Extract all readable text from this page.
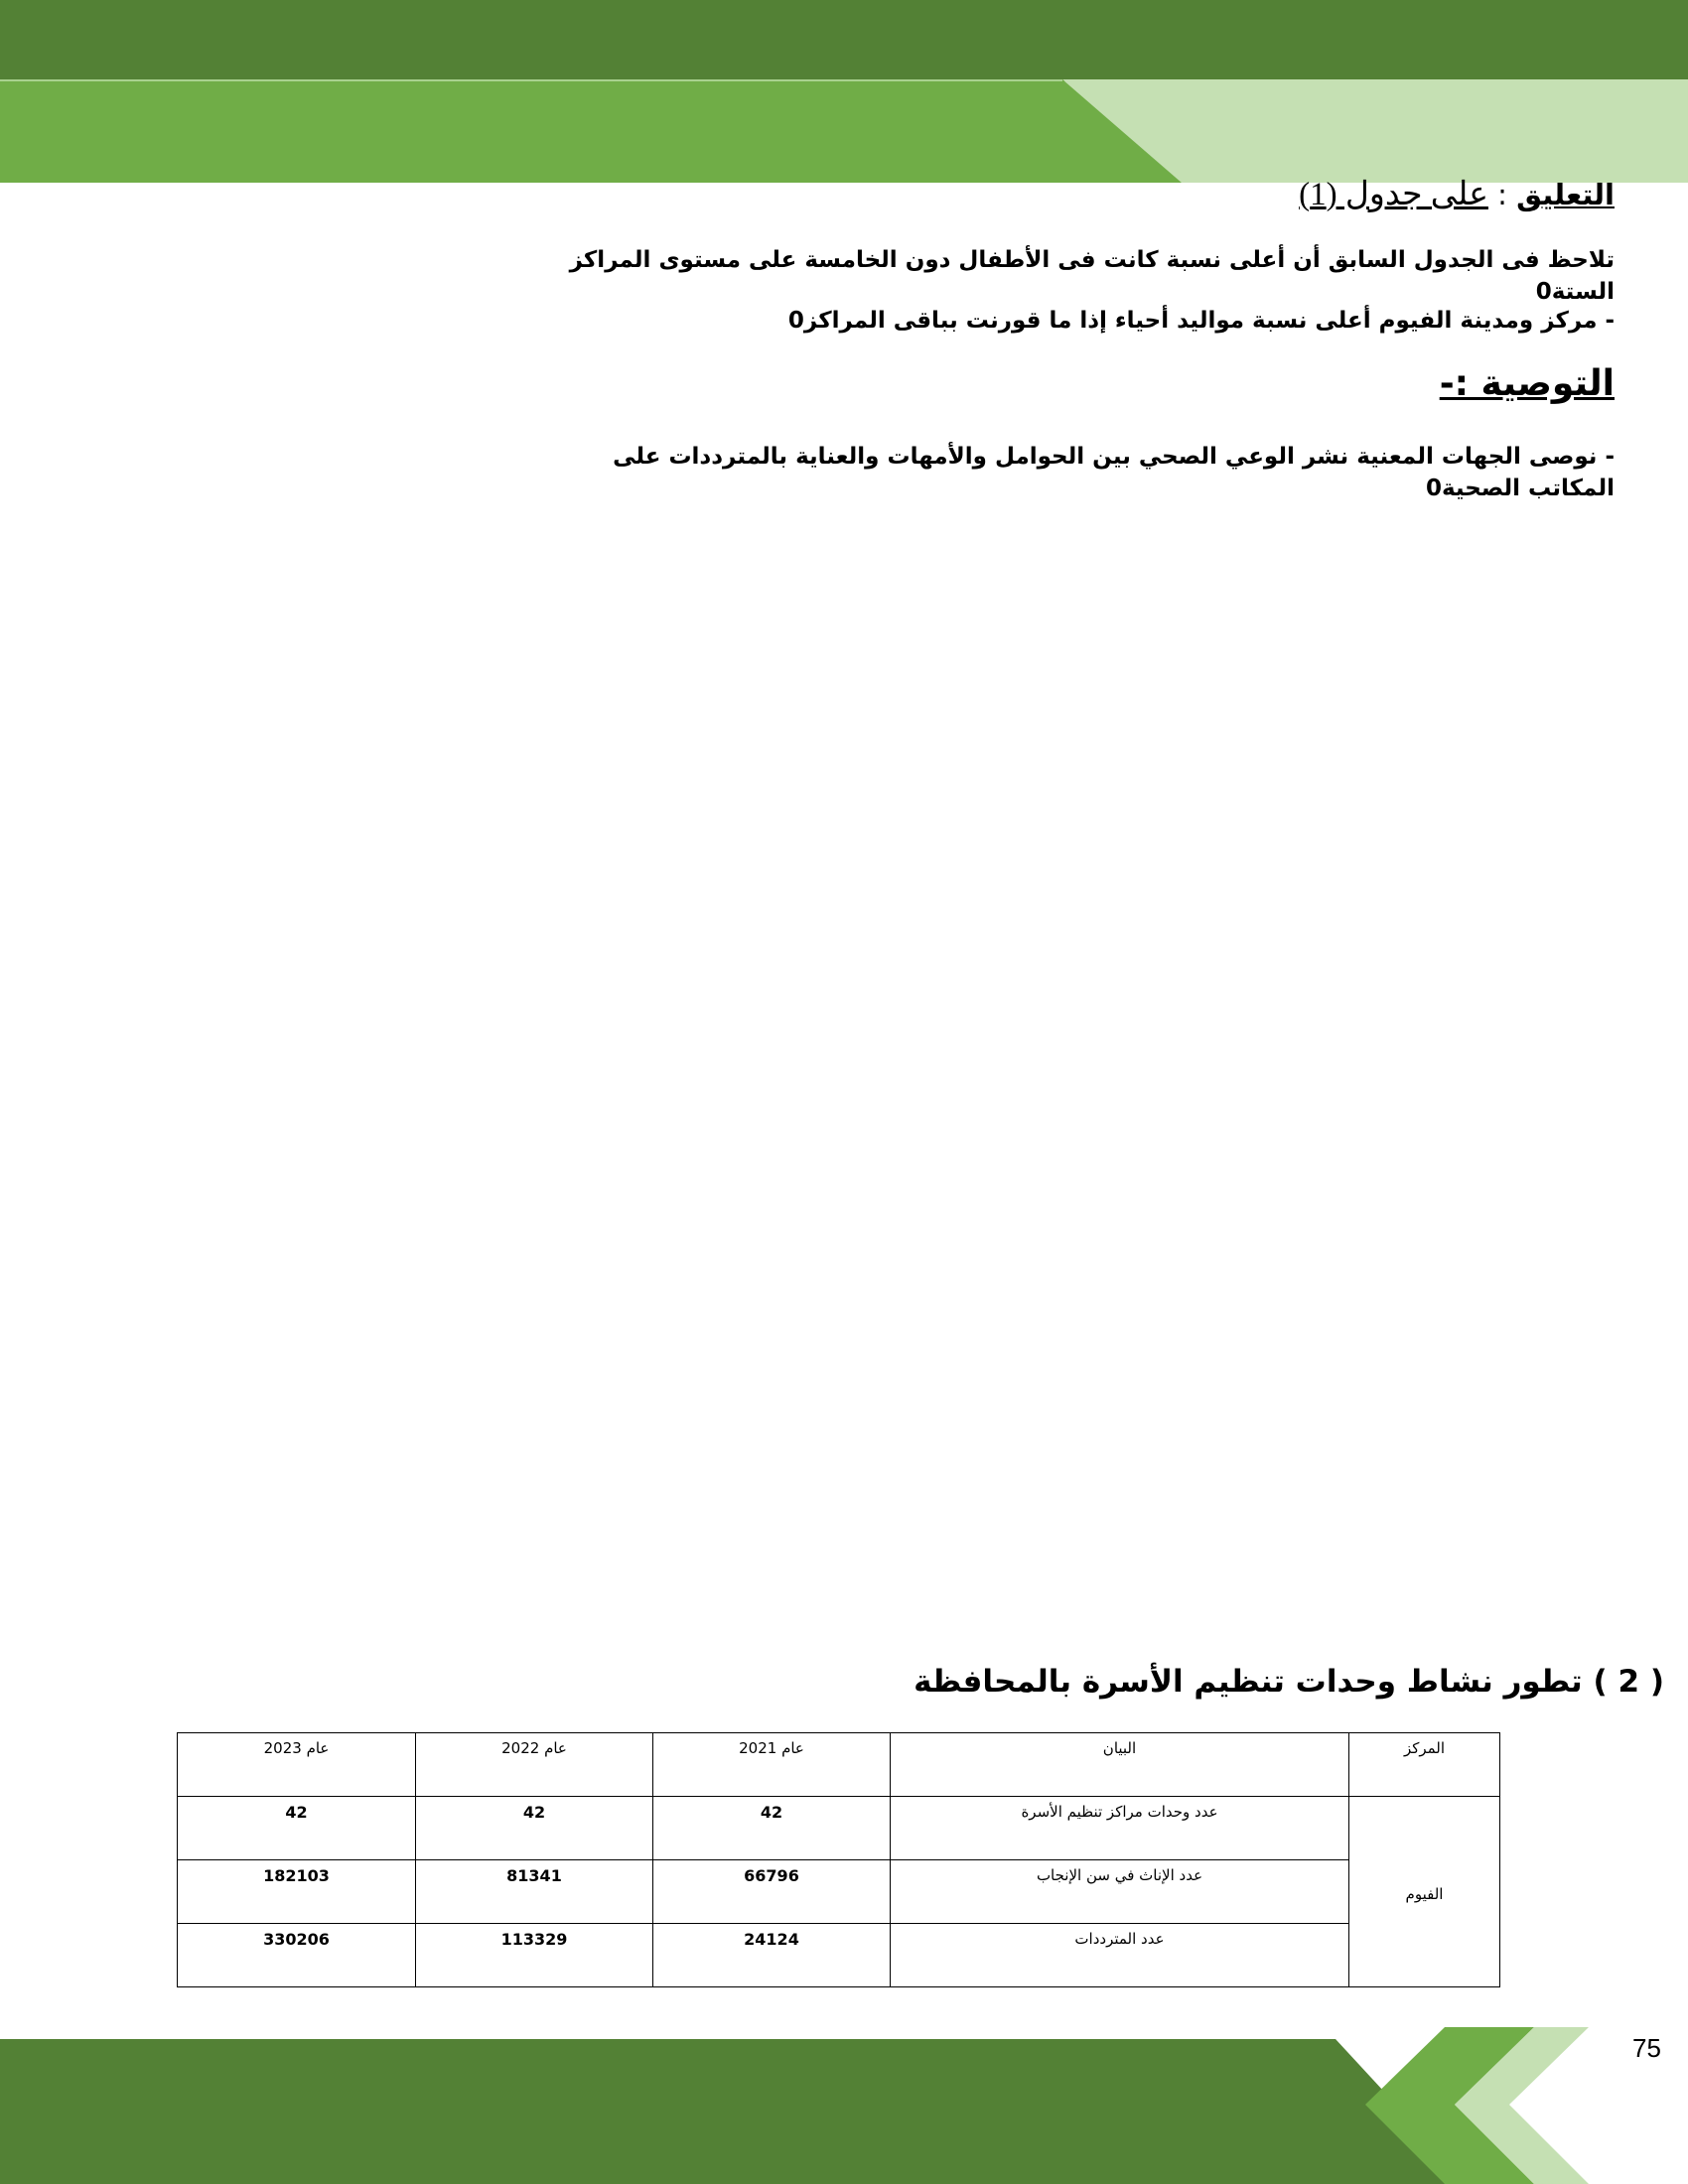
التعليق : على جدول (1)
تلاحظ فى الجدول السابق أن أعلى نسبة كانت فى الأطفال دون الخامسة على مستوى المراكز الستة0
- مركز ومدينة الفيوم أعلى نسبة مواليد أحياء إذا ما قورنت بباقى المراكز0
التوصية :-
- نوصى الجهات المعنية نشر الوعي الصحي بين الحوامل والأمهات والعناية بالمترددات على المكاتب الصحية0
( 2 ) تطور نشاط وحدات تنظيم الأسرة بالمحافظة
المركز	البيان	عام 2021	عام 2022	عام 2023
الفيوم	عدد وحدات مراكز تنظيم الأسرة	42	42	42
	عدد الإناث في سن الإنجاب	66796	81341	182103
	عدد المترددات	24124	113329	330206
75
